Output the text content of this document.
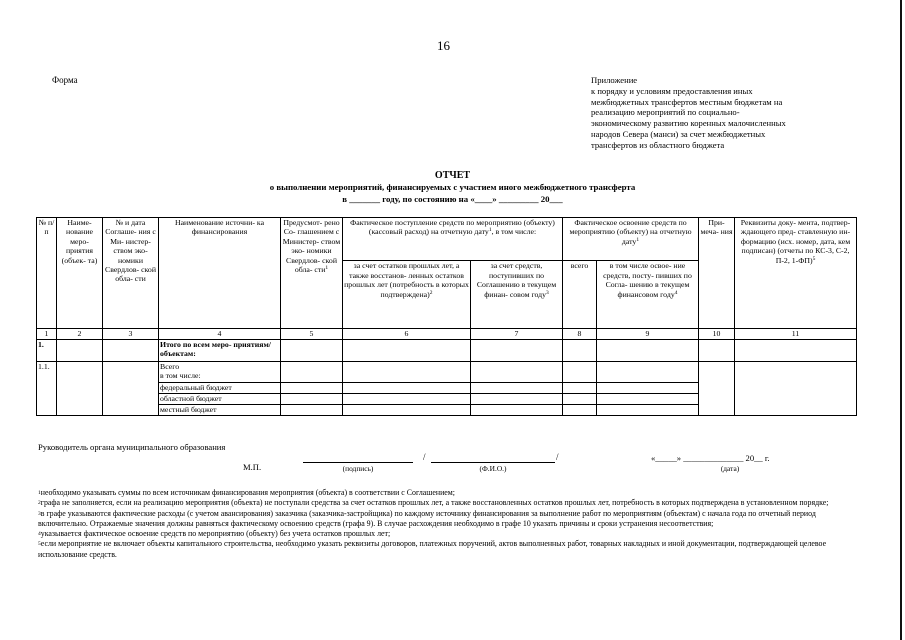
16
Форма	Приложение
к порядку и условиям предоставления иных
межбюджетных трансфертов местным бюджетам на
реализацию мероприятий по социально-
экономическому развитию коренных малочисленных
народов Севера (манси) за счет межбюджетных
трансфертов из областного бюджета
ОТЧЕТ
о выполнении мероприятий, финансируемых с участием иного межбюджетного трансферта
в _______ году, по состоянию на «____» _________ 20___
№ п/п	Наиме- нование меро- приятия (объек- та)	№ и дата Соглаше- ния с Ми- нистер- ством эко- номики Свердлов- ской обла- сти	Наименование источни- ка финансирования	Предусмот- рено Со- глашением с Министер- ством эко- номики Свердлов- ской обла- сти$^1$	Фактическое поступление средств по мероприятию (объекту) (кассовый расход) на отчетную дату$^1$, в том числе:		Фактическое освоение средств по мероприятию (объекту) на отчетную дату$^1$		При- меча- ния	Реквизиты доку- мента, подтвер- ждающего пред- ставленную ин- формацию (исх. номер, дата, кем подписан) (отчеты по КС-3, С-2, П-2, 1-ФП)$^5$
					за счет остатков прошлых лет, а также восстанов- ленных остатков прошлых лет (потребность в которых подтверждена)$^2$	за счет средств, поступивших по Соглашению в текущем финан- совом году$^3$	всего	в том числе освое- ние средств, посту- пивших по Согла- шению в текущем финансовом году$^4$
1	2	3	4	5	6	7	8	9	10	11
1.			Итого по всем меро- приятиям/объектам:							
1.1.			Всего
в том числе:							

			федеральный бюджет							
			областной бюджет							
			местный бюджет							
Руководитель органа муниципального образования
М.П.
/	/
(подпись)	(Ф.И.О.)
«_____» ______________ 20__ г.
(дата)

$^1$необходимо указывать суммы по всем источникам финансирования мероприятия (объекта) в соответствии с Соглашением;

$^2$графа не заполняется, если на реализацию мероприятия (объекта) не поступали средства за счет остатков прошлых лет, а также восстановленных остатков прошлых лет, потребность в которых подтверждена в установленном порядке;

$^3$в графе указываются фактические расходы (с учетом авансирования) заказчика (заказчика-застройщика) по каждому источнику финансирования за выполнение работ по мероприятиям (объектам) с начала года по отчетный период включительно. Отражаемые значения должны равняться фактическому освоению средств (графа 9). В случае расхождения необходимо в графе 10 указать причины и сроки устранения несоответствия;

$^4$указывается фактическое освоение средств по мероприятию (объекту) без учета остатков прошлых лет;

$^5$если мероприятие не включает объекты капитального строительства, необходимо указать реквизиты договоров, платежных поручений, актов выполненных работ, товарных накладных и иной документации, подтверждающей целевое использование средств.
